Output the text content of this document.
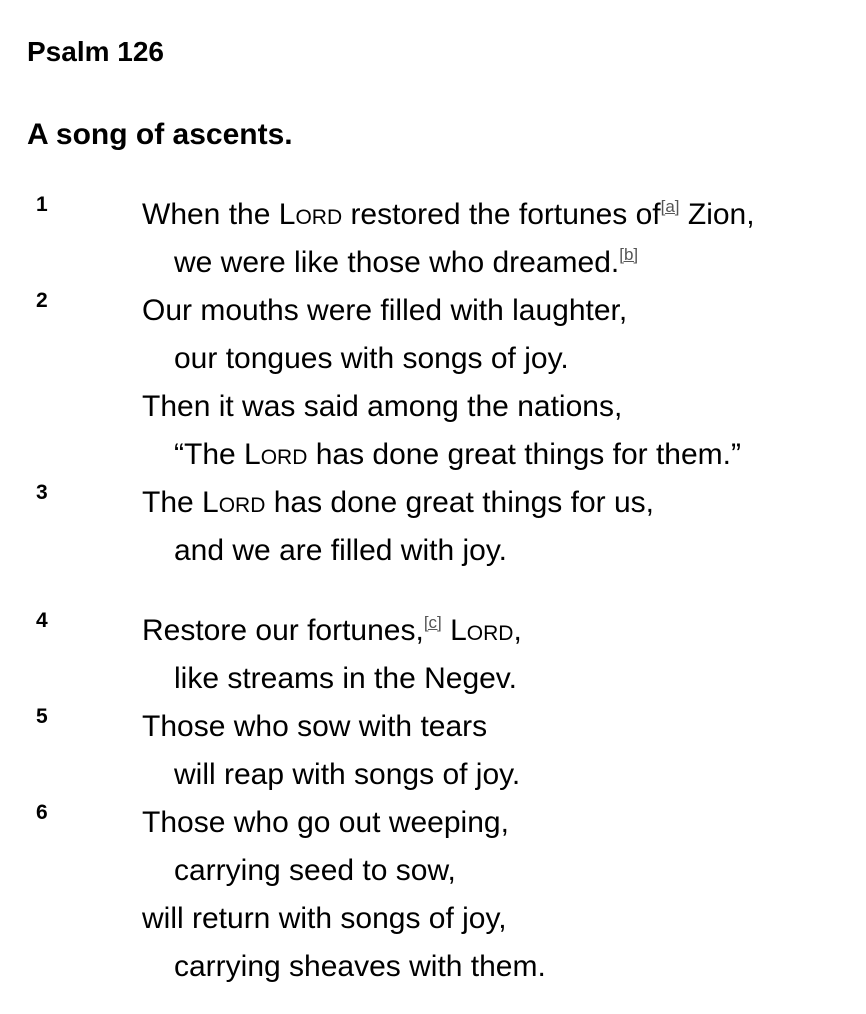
Psalm 126
A song of ascents.
1	When the Lord restored the fortunes of[a] Zion,
we were like those who dreamed.[b]
2	Our mouths were filled with laughter,
our tongues with songs of joy.
Then it was said among the nations,
“The Lord has done great things for them.”
3	The Lord has done great things for us,
and we are filled with joy.
4	Restore our fortunes,[c] Lord,
like streams in the Negev.
5	Those who sow with tears
will reap with songs of joy.
6	Those who go out weeping,
carrying seed to sow,
will return with songs of joy,
carrying sheaves with them.
